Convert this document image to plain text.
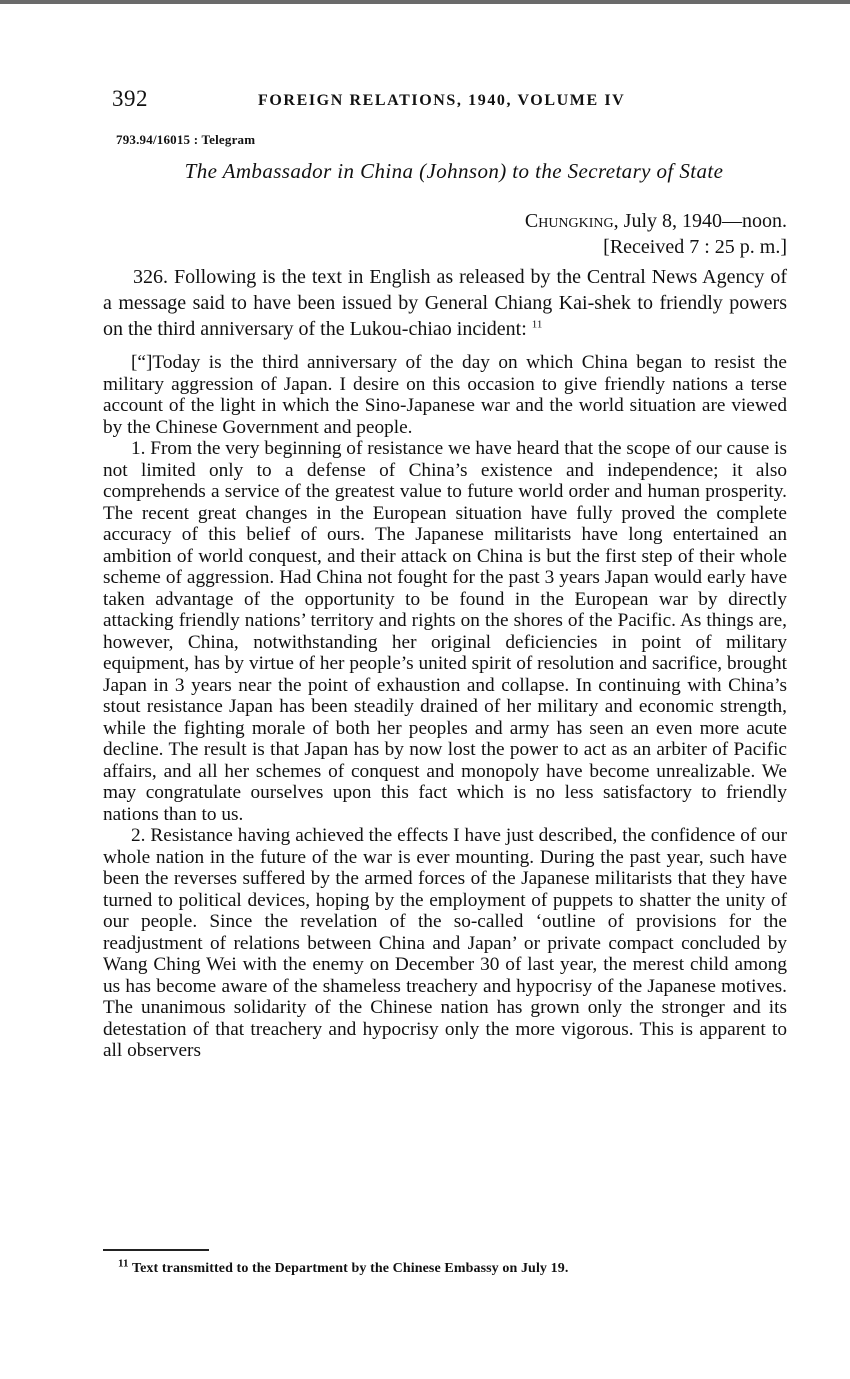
392	FOREIGN RELATIONS, 1940, VOLUME IV
793.94/16015 : Telegram
The Ambassador in China (Johnson) to the Secretary of State
Chungking, July 8, 1940—noon.
[Received 7 : 25 p. m.]

326. Following is the text in English as released by the Central News Agency of a message said to have been issued by General Chiang Kai-shek to friendly powers on the third anniversary of the Lukou-chiao incident: $^{11}$

[“]Today is the third anniversary of the day on which China began to resist the military aggression of Japan. I desire on this occasion to give friendly nations a terse account of the light in which the Sino-Japanese war and the world situation are viewed by the Chinese Government and people.

1. From the very beginning of resistance we have heard that the scope of our cause is not limited only to a defense of China’s existence and independence; it also comprehends a service of the greatest value to future world order and human prosperity. The recent great changes in the European situation have fully proved the complete accuracy of this belief of ours. The Japanese militarists have long entertained an ambition of world conquest, and their attack on China is but the first step of their whole scheme of aggression. Had China not fought for the past 3 years Japan would early have taken advantage of the opportunity to be found in the European war by directly attacking friendly nations’ territory and rights on the shores of the Pacific. As things are, however, China, notwithstanding her original deficiencies in point of military equipment, has by virtue of her people’s united spirit of resolution and sacrifice, brought Japan in 3 years near the point of exhaustion and collapse. In continuing with China’s stout resistance Japan has been steadily drained of her military and economic strength, while the fighting morale of both her peoples and army has seen an even more acute decline. The result is that Japan has by now lost the power to act as an arbiter of Pacific affairs, and all her schemes of conquest and monopoly have become unrealizable. We may congratulate ourselves upon this fact which is no less satisfactory to friendly nations than to us.

2. Resistance having achieved the effects I have just described, the confidence of our whole nation in the future of the war is ever mounting. During the past year, such have been the reverses suffered by the armed forces of the Japanese militarists that they have turned to political devices, hoping by the employment of puppets to shatter the unity of our people. Since the revelation of the so-called ‘outline of provisions for the readjustment of relations between China and Japan’ or private compact concluded by Wang Ching Wei with the enemy on December 30 of last year, the merest child among us has become aware of the shameless treachery and hypocrisy of the Japanese motives. The unanimous solidarity of the Chinese nation has grown only the stronger and its detestation of that treachery and hypocrisy only the more vigorous. This is apparent to all observers

$^{11}$ Text transmitted to the Department by the Chinese Embassy on July 19.
